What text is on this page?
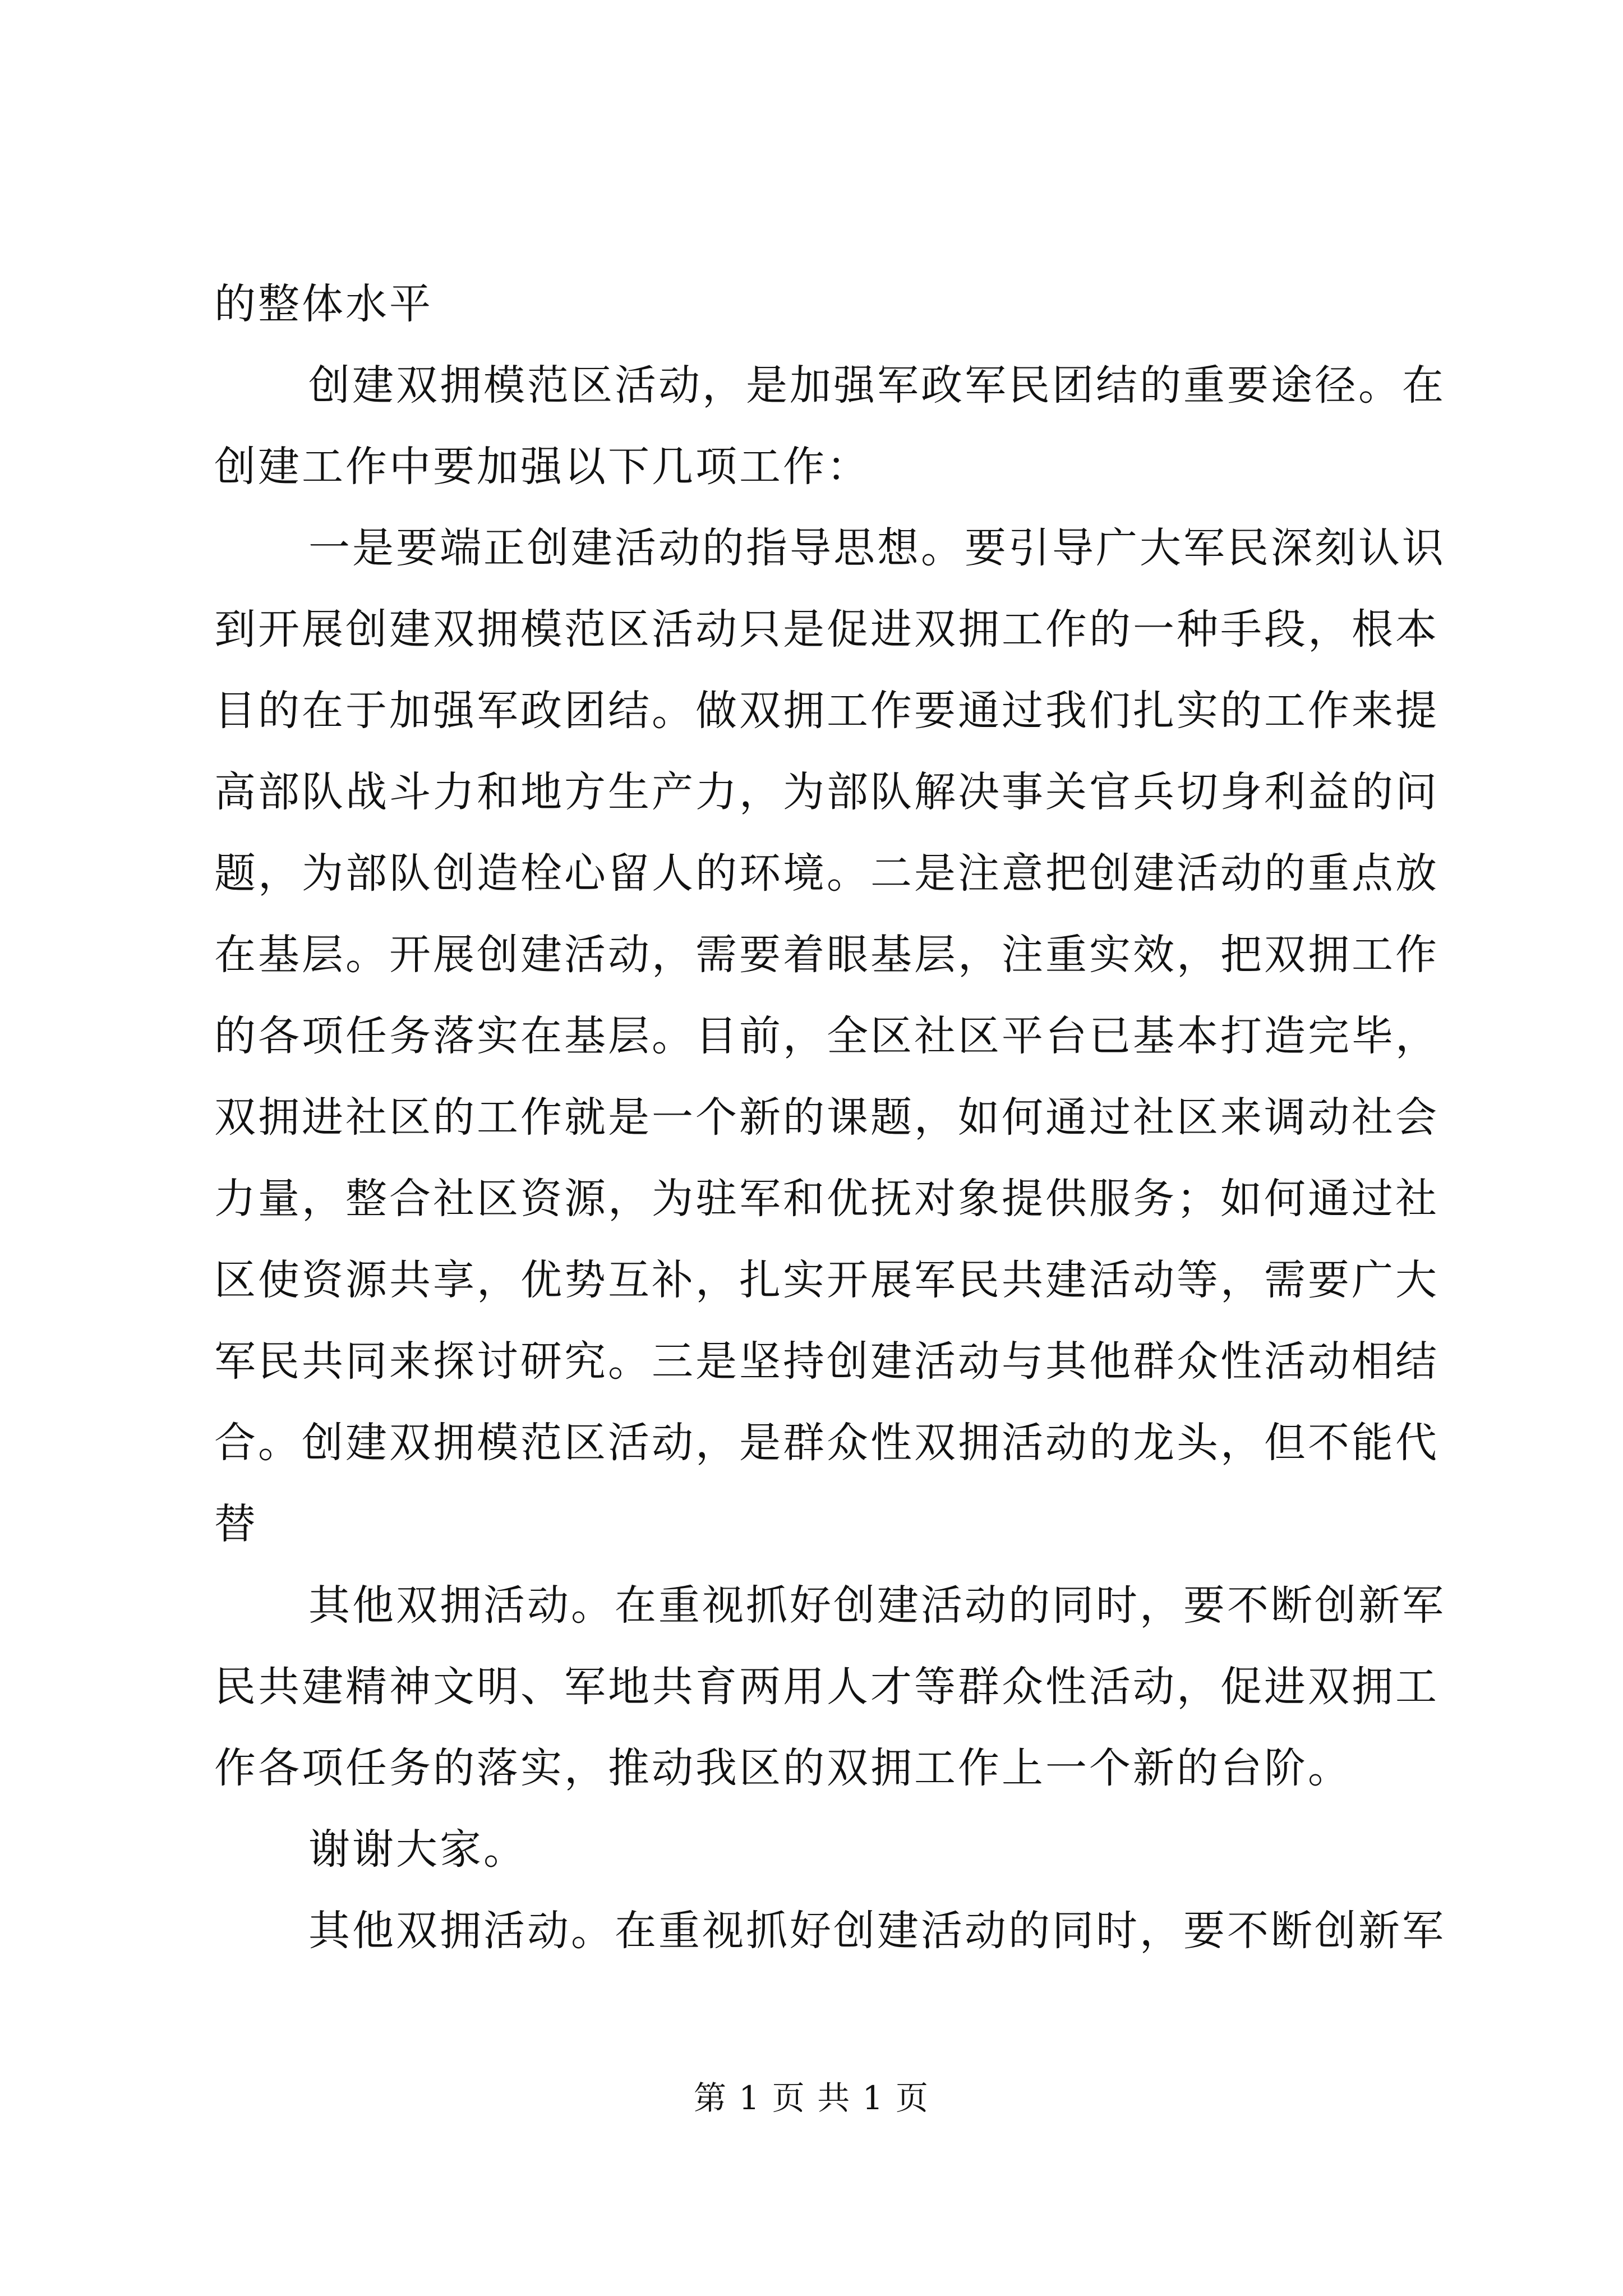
的整体水平
创建双拥模范区活动，是加强军政军民团结的重要途径。在
创建工作中要加强以下几项工作：
一是要端正创建活动的指导思想。要引导广大军民深刻认识
到开展创建双拥模范区活动只是促进双拥工作的一种手段，根本
目的在于加强军政团结。做双拥工作要通过我们扎实的工作来提
高部队战斗力和地方生产力，为部队解决事关官兵切身利益的问
题，为部队创造栓心留人的环境。二是注意把创建活动的重点放
在基层。开展创建活动，需要着眼基层，注重实效，把双拥工作
的各项任务落实在基层。目前，全区社区平台已基本打造完毕，
双拥进社区的工作就是一个新的课题，如何通过社区来调动社会
力量，整合社区资源，为驻军和优抚对象提供服务；如何通过社
区使资源共享，优势互补，扎实开展军民共建活动等，需要广大
军民共同来探讨研究。三是坚持创建活动与其他群众性活动相结
合。创建双拥模范区活动，是群众性双拥活动的龙头，但不能代
替
其他双拥活动。在重视抓好创建活动的同时，要不断创新军
民共建精神文明、军地共育两用人才等群众性活动，促进双拥工
作各项任务的落实，推动我区的双拥工作上一个新的台阶。
谢谢大家。
其他双拥活动。在重视抓好创建活动的同时，要不断创新军
第 1 页 共 1 页
